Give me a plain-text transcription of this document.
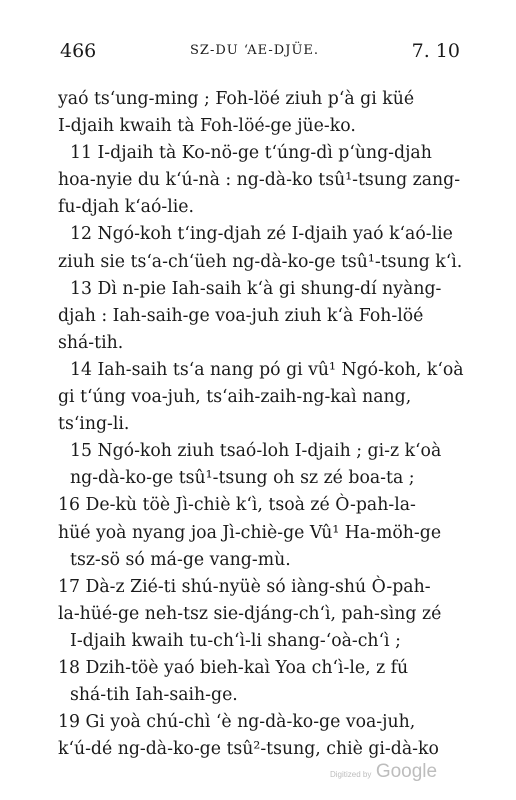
466	SZ-DU ʻAE-DJÜE.	7. 10
yaó tsʻung-ming ; Foh-löé ziuh pʻà gi küé
I-djaih kwaih tà Foh-löé-ge jüe-ko.
11 I-djaih tà Ko-nö-ge tʻúng-dì pʻùng-djah
hoa-nyie du kʻú-nà : ng-dà-ko tsû¹-tsung zang-
fu-djah kʻaó-lie.
12 Ngó-koh tʻing-djah zé I-djaih yaó kʻaó-lie
ziuh sie tsʻa-chʻüeh ng-dà-ko-ge tsû¹-tsung kʻì.
13 Dì n-pie Iah-saih kʻà gi shung-dí nyàng-
djah : Iah-saih-ge voa-juh ziuh kʻà Foh-löé
shá-tih.
14 Iah-saih tsʻa nang pó gi vû¹ Ngó-koh, kʻoà
gi tʻúng voa-juh, tsʻaih-zaih-ng-kaì nang,
tsʻing-li.
15 Ngó-koh ziuh tsaó-loh I-djaih ; gi-z kʻoà
ng-dà-ko-ge tsû¹-tsung oh sz zé boa-ta ;
16 De-kù töè Jì-chiè kʻì, tsoà zé Ò-pah-la-
hüé yoà nyang joa Jì-chiè-ge Vû¹ Ha-möh-ge
tsz-sö só má-ge vang-mù.
17 Dà-z Zié-ti shú-nyüè só iàng-shú Ò-pah-
la-hüé-ge neh-tsz sie-djáng-chʻì, pah-sìng zé
I-djaih kwaih tu-chʻì-li shang-ʻoà-chʻì ;
18 Dzih-töè yaó bieh-kaì Yoa chʻì-le, z fú
shá-tih Iah-saih-ge.
19 Gi yoà chú-chì ʻè ng-dà-ko-ge voa-juh,
kʻú-dé ng-dà-ko-ge tsû²-tsung, chiè gi-dà-ko
Digitized by Google
